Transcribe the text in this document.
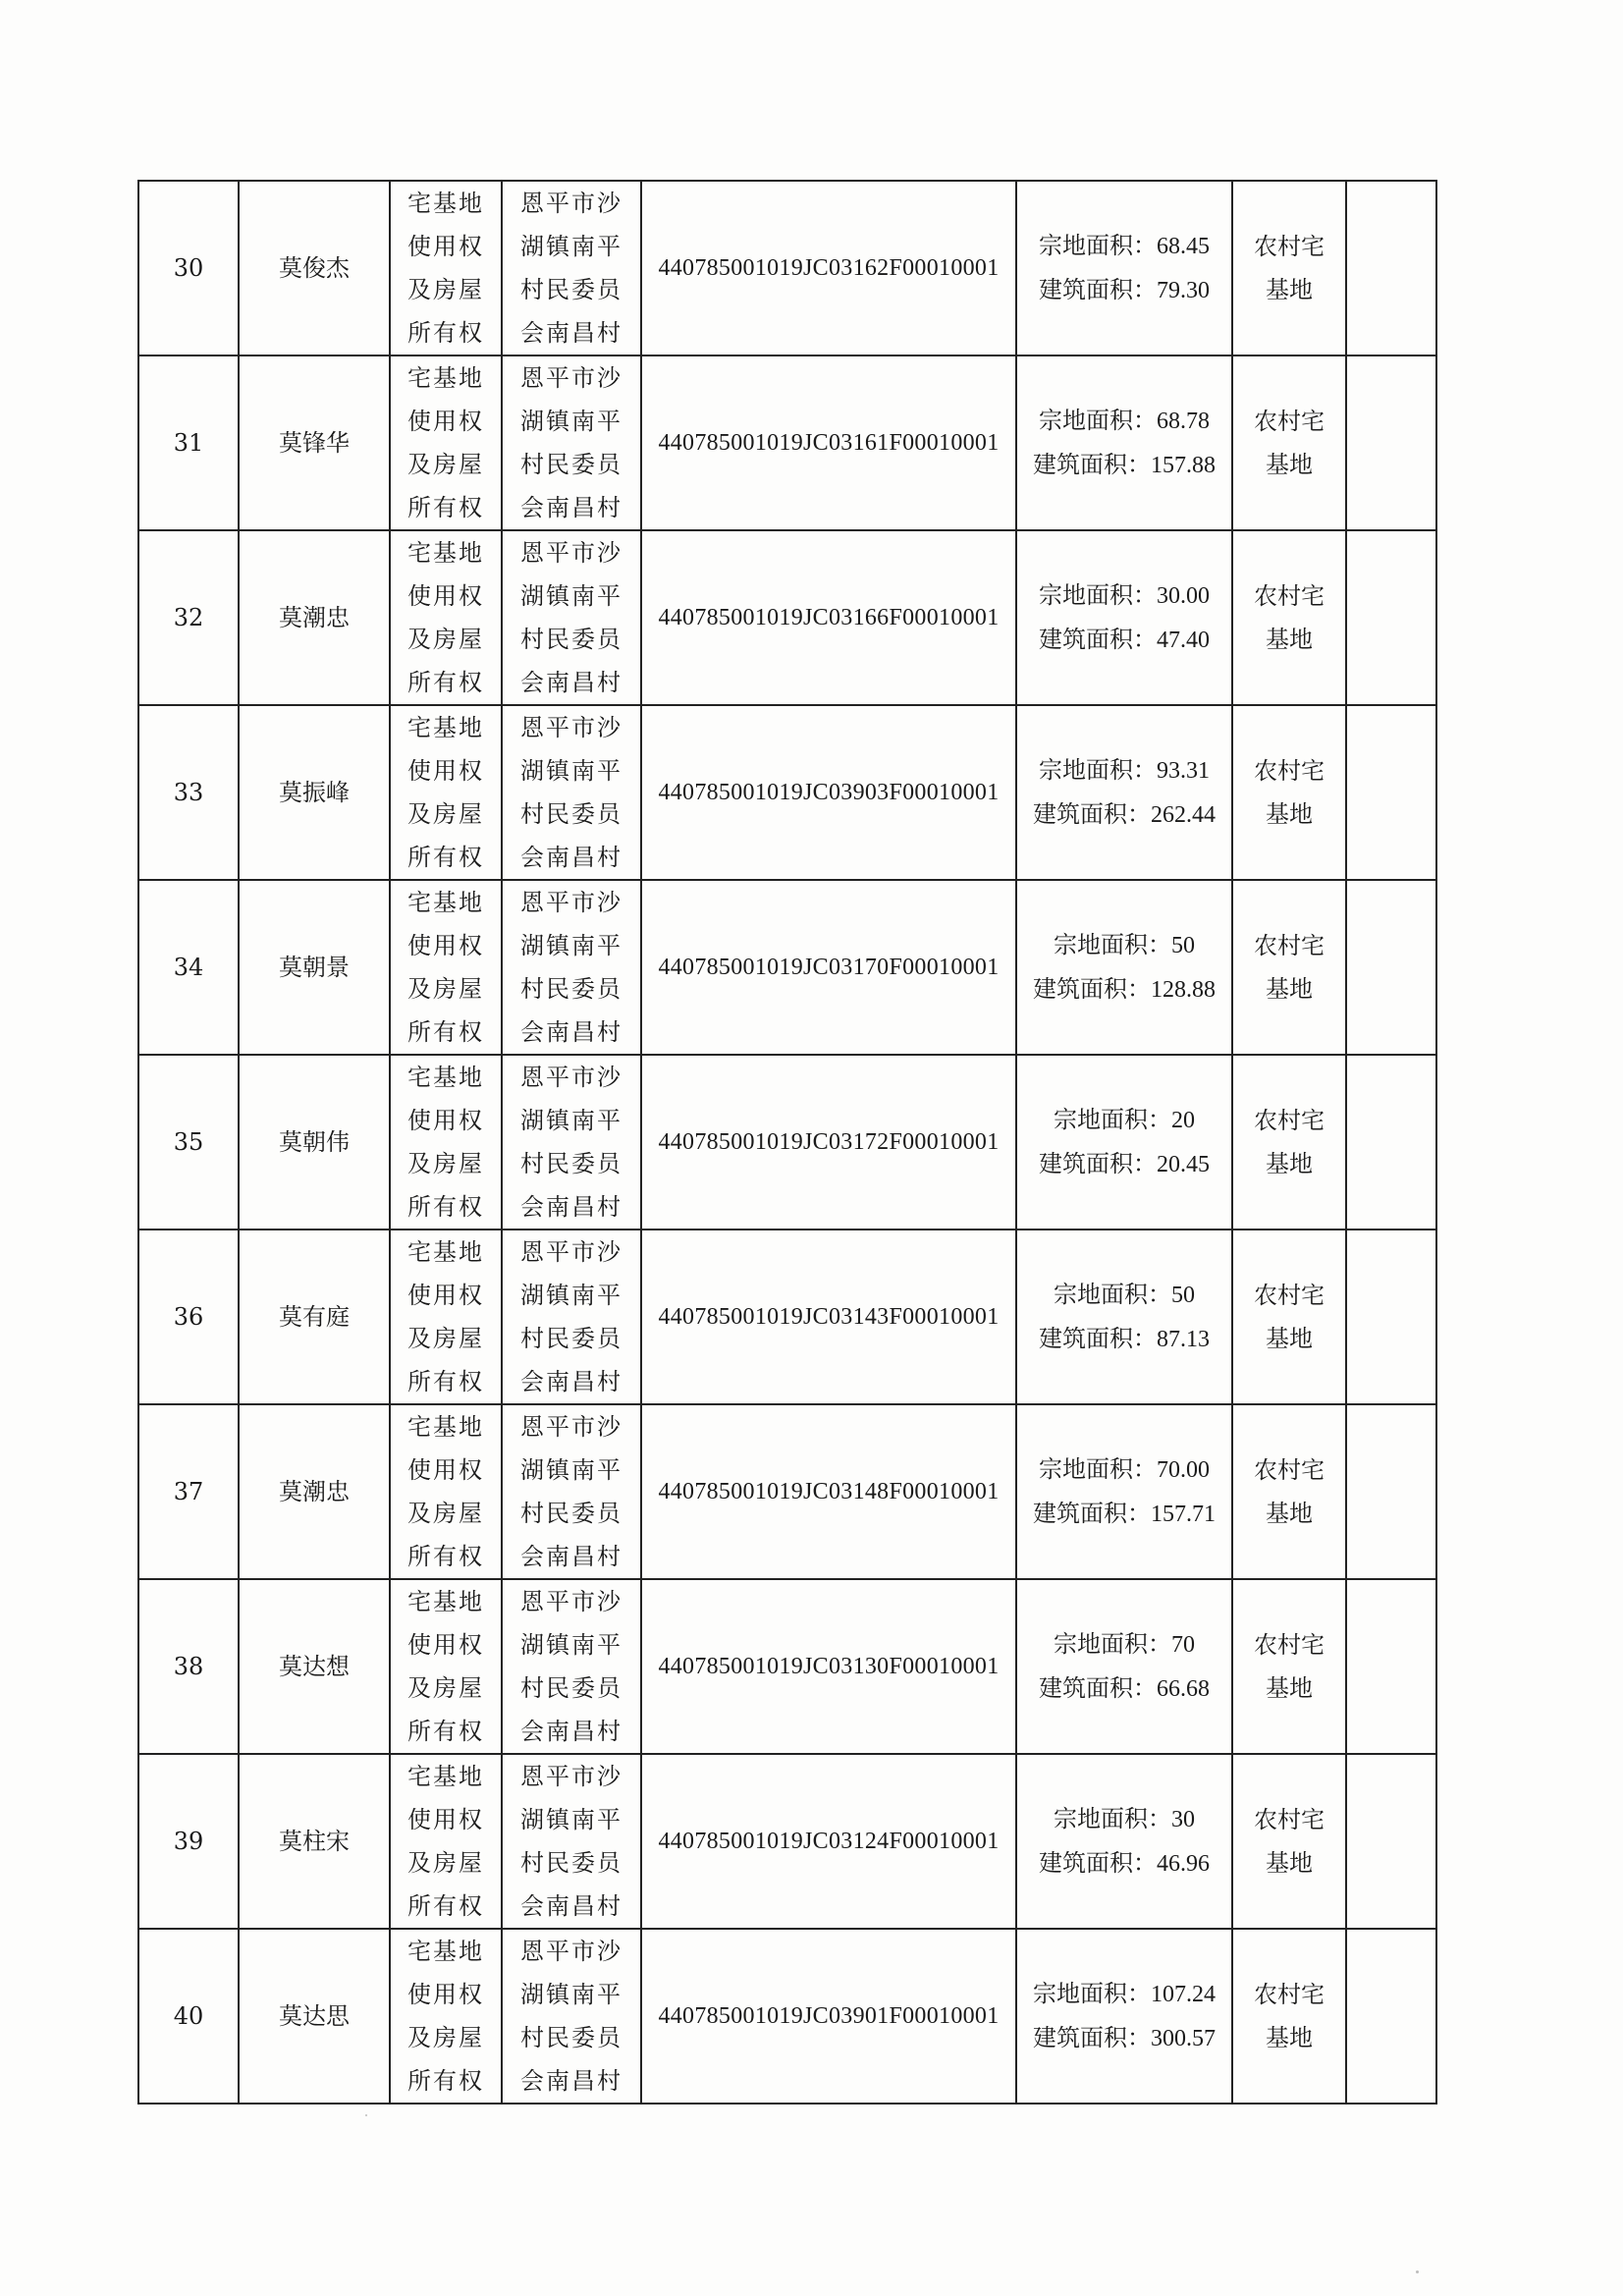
30	莫俊杰	宅基地
使用权
及房屋
所有权	恩平市沙
湖镇南平
村民委员
会南昌村	440785001019JC03162F00010001	宗地面积：68.45
建筑面积：79.30	农村宅
基地	

31	莫锋华	宅基地
使用权
及房屋
所有权	恩平市沙
湖镇南平
村民委员
会南昌村	440785001019JC03161F00010001	宗地面积：68.78
建筑面积：157.88	农村宅
基地	

32	莫潮忠	宅基地
使用权
及房屋
所有权	恩平市沙
湖镇南平
村民委员
会南昌村	440785001019JC03166F00010001	宗地面积：30.00
建筑面积：47.40	农村宅
基地	

33	莫振峰	宅基地
使用权
及房屋
所有权	恩平市沙
湖镇南平
村民委员
会南昌村	440785001019JC03903F00010001	宗地面积：93.31
建筑面积：262.44	农村宅
基地	

34	莫朝景	宅基地
使用权
及房屋
所有权	恩平市沙
湖镇南平
村民委员
会南昌村	440785001019JC03170F00010001	宗地面积：50
建筑面积：128.88	农村宅
基地	

35	莫朝伟	宅基地
使用权
及房屋
所有权	恩平市沙
湖镇南平
村民委员
会南昌村	440785001019JC03172F00010001	宗地面积：20
建筑面积：20.45	农村宅
基地	

36	莫有庭	宅基地
使用权
及房屋
所有权	恩平市沙
湖镇南平
村民委员
会南昌村	440785001019JC03143F00010001	宗地面积：50
建筑面积：87.13	农村宅
基地	

37	莫潮忠	宅基地
使用权
及房屋
所有权	恩平市沙
湖镇南平
村民委员
会南昌村	440785001019JC03148F00010001	宗地面积：70.00
建筑面积：157.71	农村宅
基地	

38	莫达想	宅基地
使用权
及房屋
所有权	恩平市沙
湖镇南平
村民委员
会南昌村	440785001019JC03130F00010001	宗地面积：70
建筑面积：66.68	农村宅
基地	

39	莫柱宋	宅基地
使用权
及房屋
所有权	恩平市沙
湖镇南平
村民委员
会南昌村	440785001019JC03124F00010001	宗地面积：30
建筑面积：46.96	农村宅
基地	

40	莫达思	宅基地
使用权
及房屋
所有权	恩平市沙
湖镇南平
村民委员
会南昌村	440785001019JC03901F00010001	宗地面积：107.24
建筑面积：300.57	农村宅
基地	
